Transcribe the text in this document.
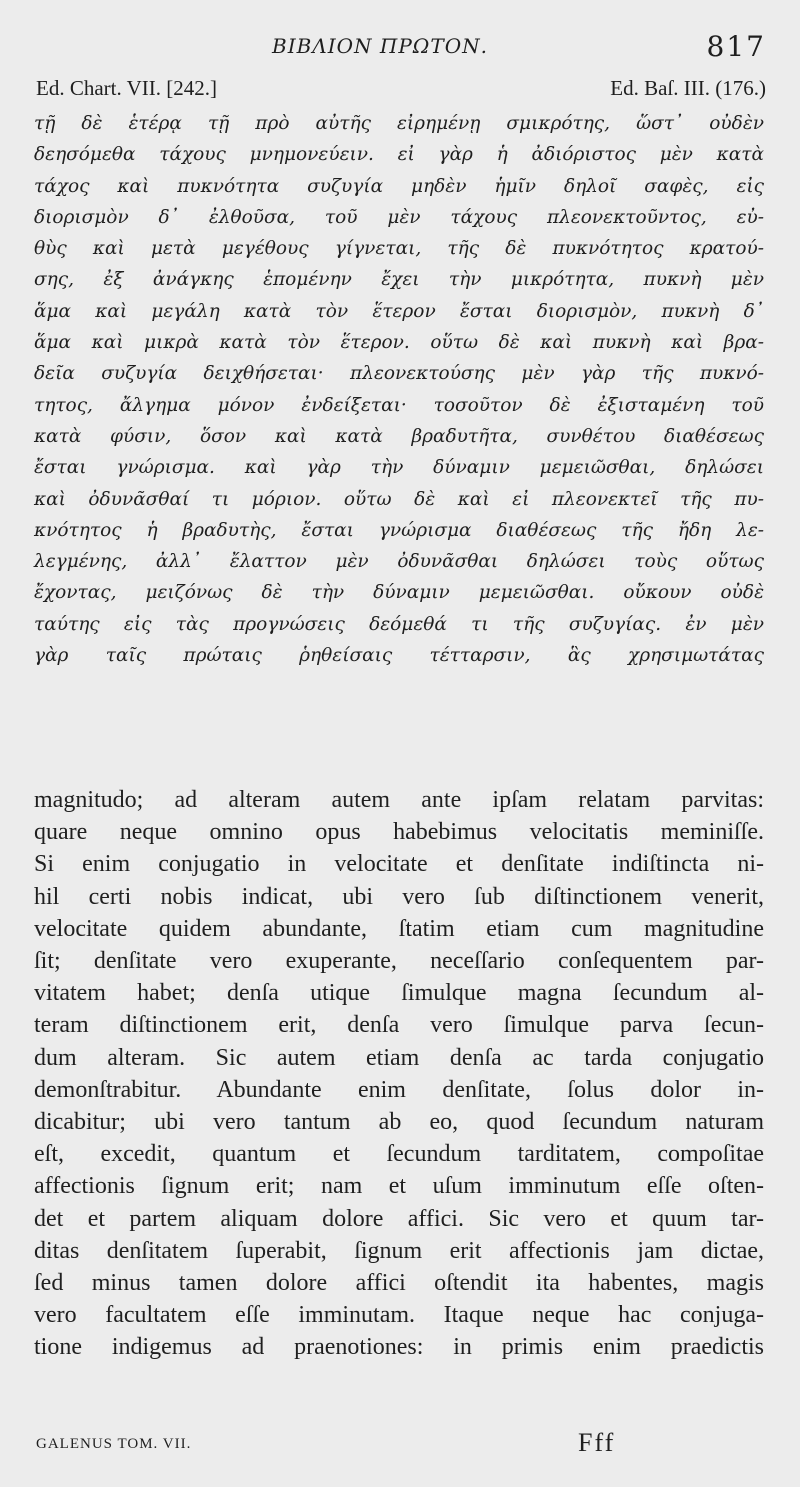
ΒΙΒΛΙΟΝ ΠΡΩΤΟΝ.	817
Ed. Chart. VII. [242.]	Ed. Baſ. III. (176.)
τῇ δὲ ἑτέρᾳ τῇ πρὸ αὐτῆς εἰρημένῃ σμικρότης, ὥστ᾽ οὐδὲν
δεησόμεθα τάχους μνημονεύειν. εἰ γὰρ ἡ ἀδιόριστος μὲν κατὰ
τάχος καὶ πυκνότητα συζυγία μηδὲν ἡμῖν δηλοῖ σαφὲς, εἰς
διορισμὸν δ᾽ ἐλθοῦσα, τοῦ μὲν τάχους πλεονεκτοῦντος, εὐ-
θὺς καὶ μετὰ μεγέθους γίγνεται, τῆς δὲ πυκνότητος κρατού-
σης, ἐξ ἀνάγκης ἑπομένην ἔχει τὴν μικρότητα, πυκνὴ μὲν
ἅμα καὶ μεγάλη κατὰ τὸν ἕτερον ἔσται διορισμὸν, πυκνὴ δ᾽
ἅμα καὶ μικρὰ κατὰ τὸν ἕτερον. οὕτω δὲ καὶ πυκνὴ καὶ βρα-
δεῖα συζυγία δειχθήσεται· πλεονεκτούσης μὲν γὰρ τῆς πυκνό-
τητος, ἄλγημα μόνον ἐνδείξεται· τοσοῦτον δὲ ἐξισταμένη τοῦ
κατὰ φύσιν, ὅσον καὶ κατὰ βραδυτῆτα, συνθέτου διαθέσεως
ἔσται γνώρισμα. καὶ γὰρ τὴν δύναμιν μεμειῶσθαι, δηλώσει
καὶ ὀδυνᾶσθαί τι μόριον. οὕτω δὲ καὶ εἰ πλεονεκτεῖ τῆς πυ-
κνότητος ἡ βραδυτὴς, ἔσται γνώρισμα διαθέσεως τῆς ἤδη λε-
λεγμένης, ἀλλ᾽ ἔλαττον μὲν ὀδυνᾶσθαι δηλώσει τοὺς οὕτως
ἔχοντας, μειζόνως δὲ τὴν δύναμιν μεμειῶσθαι. οὔκουν οὐδὲ
ταύτης εἰς τὰς προγνώσεις δεόμεθά τι τῆς συζυγίας. ἐν μὲν
γὰρ ταῖς πρώταις ῥηθείσαις τέτταρσιν, ἃς χρησιμωτάτας
magnitudo; ad alteram autem ante ipſam relatam parvitas:
quare neque omnino opus habebimus velocitatis meminiſſe.
Si enim conjugatio in velocitate et denſitate indiſtincta ni-
hil certi nobis indicat, ubi vero ſub diſtinctionem venerit,
velocitate quidem abundante, ſtatim etiam cum magnitudine
ſit; denſitate vero exuperante, neceſſario conſequentem par-
vitatem habet; denſa utique ſimulque magna ſecundum al-
teram diſtinctionem erit, denſa vero ſimulque parva ſecun-
dum alteram. Sic autem etiam denſa ac tarda conjugatio
demonſtrabitur. Abundante enim denſitate, ſolus dolor in-
dicabitur; ubi vero tantum ab eo, quod ſecundum naturam
eſt, excedit, quantum et ſecundum tarditatem, compoſitae
affectionis ſignum erit; nam et uſum imminutum eſſe oſten-
det et partem aliquam dolore affici. Sic vero et quum tar-
ditas denſitatem ſuperabit, ſignum erit affectionis jam dictae,
ſed minus tamen dolore affici oſtendit ita habentes, magis
vero facultatem eſſe imminutam. Itaque neque hac conjuga-
tione indigemus ad praenotiones: in primis enim praedictis
GALENUS TOM. VII.	Fff
